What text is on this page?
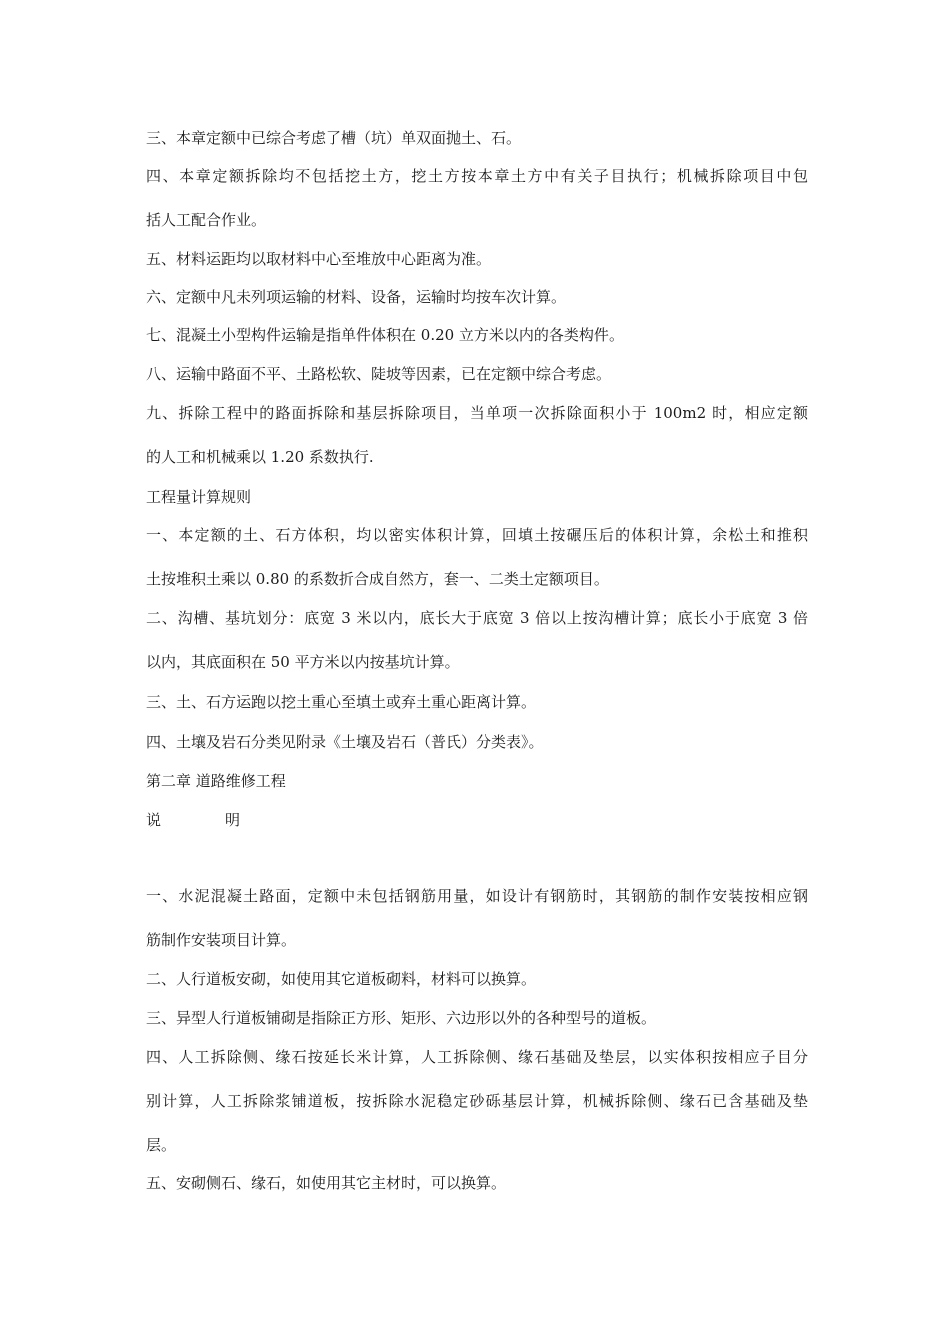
三、本章定额中已综合考虑了槽（坑）单双面抛土、石。
四、本章定额拆除均不包括挖土方，挖土方按本章土方中有关子目执行；机械拆除项目中包
括人工配合作业。
五、材料运距均以取材料中心至堆放中心距离为准。
六、定额中凡未列项运输的材料、设备，运输时均按车次计算。
七、混凝土小型构件运输是指单件体积在 0.20 立方米以内的各类构件。
八、运输中路面不平、土路松软、陡坡等因素，已在定额中综合考虑。
九、拆除工程中的路面拆除和基层拆除项目，当单项一次拆除面积小于 100m2 时，相应定额
的人工和机械乘以 1.20 系数执行.
工程量计算规则
一、本定额的土、石方体积，均以密实体积计算，回填土按碾压后的体积计算，余松土和推积
土按堆积土乘以 0.80 的系数折合成自然方，套一、二类土定额项目。
二、沟槽、基坑划分：底宽 3 米以内，底长大于底宽 3 倍以上按沟槽计算；底长小于底宽 3 倍
以内，其底面积在 50 平方米以内按基坑计算。
三、土、石方运跑以挖土重心至填土或弃土重心距离计算。
四、土壤及岩石分类见附录《土壤及岩石（普氏）分类表》。
第二章 道路维修工程
说	明
一、水泥混凝土路面，定额中未包括钢筋用量，如设计有钢筋时，其钢筋的制作安装按相应钢
筋制作安装项目计算。
二、人行道板安砌，如使用其它道板砌料，材料可以换算。
三、异型人行道板铺砌是指除正方形、矩形、六边形以外的各种型号的道板。
四、人工拆除侧、缘石按延长米计算，人工拆除侧、缘石基础及垫层，以实体积按相应子目分
别计算，人工拆除浆铺道板，按拆除水泥稳定砂砾基层计算，机械拆除侧、缘石已含基础及垫
层。
五、安砌侧石、缘石，如使用其它主材时，可以换算。
